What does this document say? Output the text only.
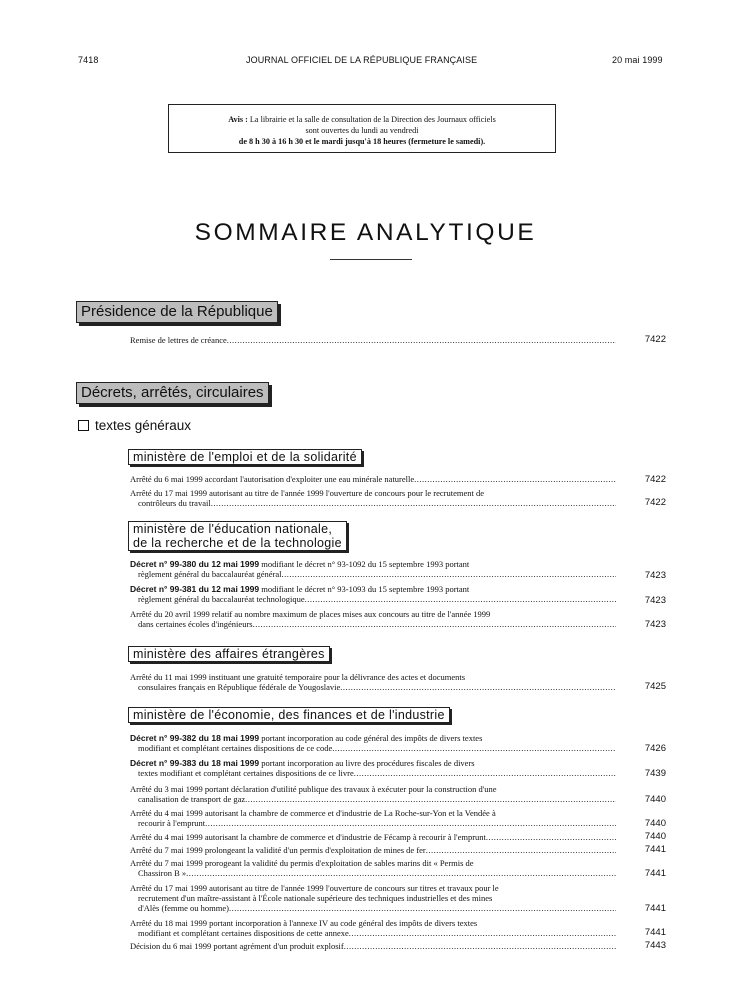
7418	JOURNAL OFFICIEL DE LA RÉPUBLIQUE FRANÇAISE	20 mai 1999
Avis : La librairie et la salle de consultation de la Direction des Journaux officiels
sont ouvertes du lundi au vendredi
de 8 h 30 à 16 h 30 et le mardi jusqu'à 18 heures (fermeture le samedi).
SOMMAIRE ANALYTIQUE
Présidence de la République
Remise de lettres de créance .....	7422
Décrets, arrêtés, circulaires
textes généraux
ministère de l'emploi et de la solidarité
Arrêté du 6 mai 1999 accordant l'autorisation d'exploiter une eau minérale naturelle .....	7422
Arrêté du 17 mai 1999 autorisant au titre de l'année 1999 l'ouverture de concours pour le recrutement de
contrôleurs du travail .....	7422
ministère de l'éducation nationale,
de la recherche et de la technologie
Décret n° 99-380 du 12 mai 1999 modifiant le décret n° 93-1092 du 15 septembre 1993 portant
règlement général du baccalauréat général .....	7423
Décret n° 99-381 du 12 mai 1999 modifiant le décret n° 93-1093 du 15 septembre 1993 portant
règlement général du baccalauréat technologique .....	7423
Arrêté du 20 avril 1999 relatif au nombre maximum de places mises aux concours au titre de l'année 1999
dans certaines écoles d'ingénieurs .....	7423
ministère des affaires étrangères
Arrêté du 11 mai 1999 instituant une gratuité temporaire pour la délivrance des actes et documents
consulaires français en République fédérale de Yougoslavie .....	7425
ministère de l'économie, des finances et de l'industrie
Décret n° 99-382 du 18 mai 1999 portant incorporation au code général des impôts de divers textes
modifiant et complétant certaines dispositions de ce code .....	7426
Décret n° 99-383 du 18 mai 1999 portant incorporation au livre des procédures fiscales de divers
textes modifiant et complétant certaines dispositions de ce livre .....	7439
Arrêté du 3 mai 1999 portant déclaration d'utilité publique des travaux à exécuter pour la construction d'une
canalisation de transport de gaz .....	7440
Arrêté du 4 mai 1999 autorisant la chambre de commerce et d'industrie de La Roche-sur-Yon et la Vendée à
recourir à l'emprunt .....	7440
Arrêté du 4 mai 1999 autorisant la chambre de commerce et d'industrie de Fécamp à recourir à l'emprunt .....	7440
Arrêté du 7 mai 1999 prolongeant la validité d'un permis d'exploitation de mines de fer .....	7441
Arrêté du 7 mai 1999 prorogeant la validité du permis d'exploitation de sables marins dit « Permis de
Chassiron B » .....	7441
Arrêté du 17 mai 1999 autorisant au titre de l'année 1999 l'ouverture de concours sur titres et travaux pour le
recrutement d'un maître-assistant à l'École nationale supérieure des techniques industrielles et des mines
d'Alès (femme ou homme) .....	7441
Arrêté du 18 mai 1999 portant incorporation à l'annexe IV au code général des impôts de divers textes
modifiant et complétant certaines dispositions de cette annexe .....	7441
Décision du 6 mai 1999 portant agrément d'un produit explosif .....	7443
